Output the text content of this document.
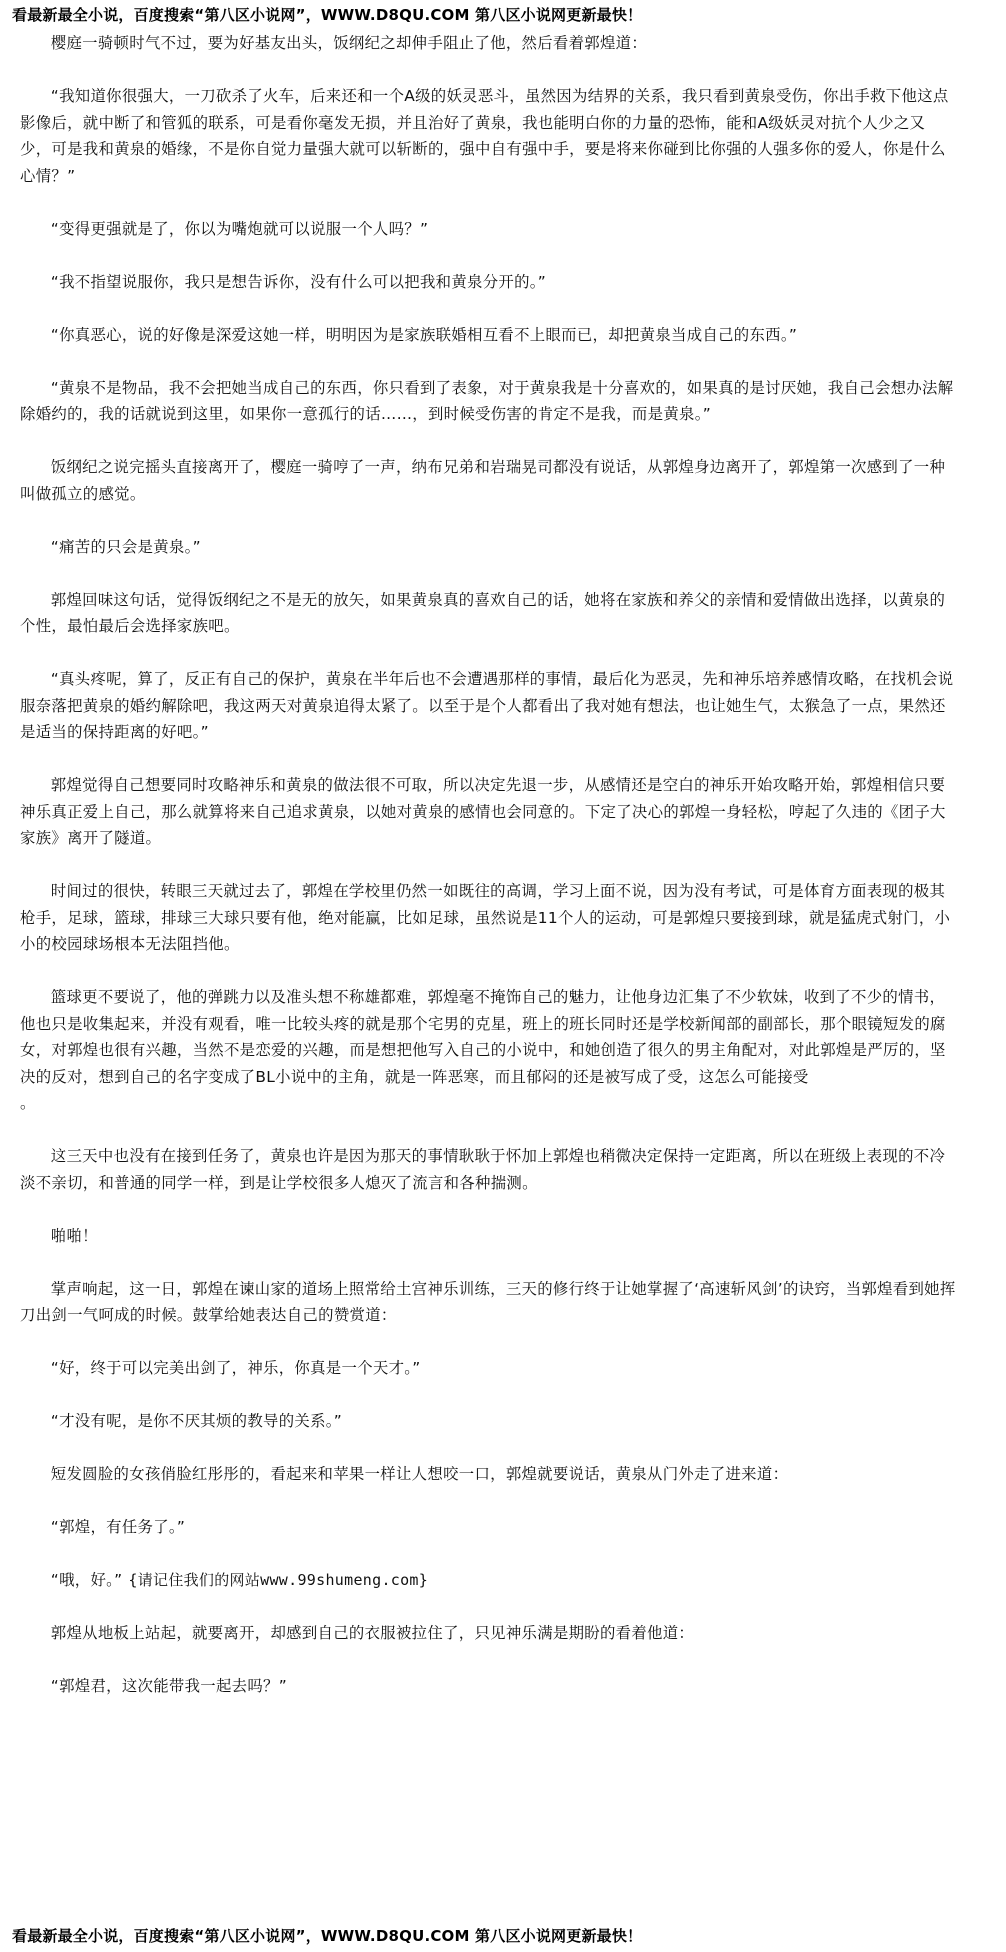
看最新最全小说，百度搜索“第八区小说网”，WWW.D8QU.COM 第八区小说网更新最快！

樱庭一骑顿时气不过，要为好基友出头，饭纲纪之却伸手阻止了他，然后看着郭煌道：

“我知道你很强大，一刀砍杀了火车，后来还和一个A级的妖灵恶斗，虽然因为结界的关系，我只看到黄泉受伤，你出手救下他这点影像后，就中断了和管狐的联系，可是看你毫发无损，并且治好了黄泉，我也能明白你的力量的恐怖，能和A级妖灵对抗个人少之又少，可是我和黄泉的婚缘，不是你自觉力量强大就可以斩断的，强中自有强中手，要是将来你碰到比你强的人强多你的爱人，你是什么心情？”

“变得更强就是了，你以为嘴炮就可以说服一个人吗？”

“我不指望说服你，我只是想告诉你，没有什么可以把我和黄泉分开的。”

“你真恶心，说的好像是深爱这她一样，明明因为是家族联婚相互看不上眼而已，却把黄泉当成自己的东西。”

“黄泉不是物品，我不会把她当成自己的东西，你只看到了表象，对于黄泉我是十分喜欢的，如果真的是讨厌她，我自己会想办法解除婚约的，我的话就说到这里，如果你一意孤行的话……，到时候受伤害的肯定不是我，而是黄泉。”

饭纲纪之说完摇头直接离开了，樱庭一骑哼了一声，纳布兄弟和岩瑞晃司都没有说话，从郭煌身边离开了，郭煌第一次感到了一种叫做孤立的感觉。

“痛苦的只会是黄泉。”

郭煌回味这句话，觉得饭纲纪之不是无的放矢，如果黄泉真的喜欢自己的话，她将在家族和养父的亲情和爱情做出选择，以黄泉的个性，最怕最后会选择家族吧。

“真头疼呢，算了，反正有自己的保护，黄泉在半年后也不会遭遇那样的事情，最后化为恶灵，先和神乐培养感情攻略，在找机会说服奈落把黄泉的婚约解除吧，我这两天对黄泉追得太紧了。以至于是个人都看出了我对她有想法，也让她生气，太猴急了一点，果然还是适当的保持距离的好吧。”

郭煌觉得自己想要同时攻略神乐和黄泉的做法很不可取，所以决定先退一步，从感情还是空白的神乐开始攻略开始，郭煌相信只要神乐真正爱上自己，那么就算将来自己追求黄泉，以她对黄泉的感情也会同意的。下定了决心的郭煌一身轻松，哼起了久违的《团子大家族》离开了隧道。

时间过的很快，转眼三天就过去了，郭煌在学校里仍然一如既往的高调，学习上面不说，因为没有考试，可是体育方面表现的极其枪手，足球，篮球，排球三大球只要有他，绝对能赢，比如足球，虽然说是11个人的运动，可是郭煌只要接到球，就是猛虎式射门，小小的校园球场根本无法阻挡他。

篮球更不要说了，他的弹跳力以及准头想不称雄都难，郭煌毫不掩饰自己的魅力，让他身边汇集了不少软妹，收到了不少的情书，他也只是收集起来，并没有观看，唯一比较头疼的就是那个宅男的克星，班上的班长同时还是学校新闻部的副部长，那个眼镜短发的腐女，对郭煌也很有兴趣，当然不是恋爱的兴趣，而是想把他写入自己的小说中，和她创造了很久的男主角配对，对此郭煌是严厉的，坚决的反对，想到自己的名字变成了BL小说中的主角，就是一阵恶寒，而且郁闷的还是被写成了受，这怎么可能接受

。

这三天中也没有在接到任务了，黄泉也许是因为那天的事情耿耿于怀加上郭煌也稍微决定保持一定距离，所以在班级上表现的不冷淡不亲切，和普通的同学一样，到是让学校很多人熄灭了流言和各种揣测。

啪啪！

掌声响起，这一日，郭煌在谏山家的道场上照常给土宫神乐训练，三天的修行终于让她掌握了‘高速斩风剑’的诀窍，当郭煌看到她挥刀出剑一气呵成的时候。鼓掌给她表达自己的赞赏道：

“好，终于可以完美出剑了，神乐，你真是一个天才。”

“才没有呢，是你不厌其烦的教导的关系。”

短发圆脸的女孩俏脸红彤彤的，看起来和苹果一样让人想咬一口，郭煌就要说话，黄泉从门外走了进来道：

“郭煌，有任务了。”

“哦，好。” {请记住我们的网站www.99shumeng.com}

郭煌从地板上站起，就要离开，却感到自己的衣服被拉住了，只见神乐满是期盼的看着他道：

“郭煌君，这次能带我一起去吗？”

看最新最全小说，百度搜索“第八区小说网”，WWW.D8QU.COM 第八区小说网更新最快！
